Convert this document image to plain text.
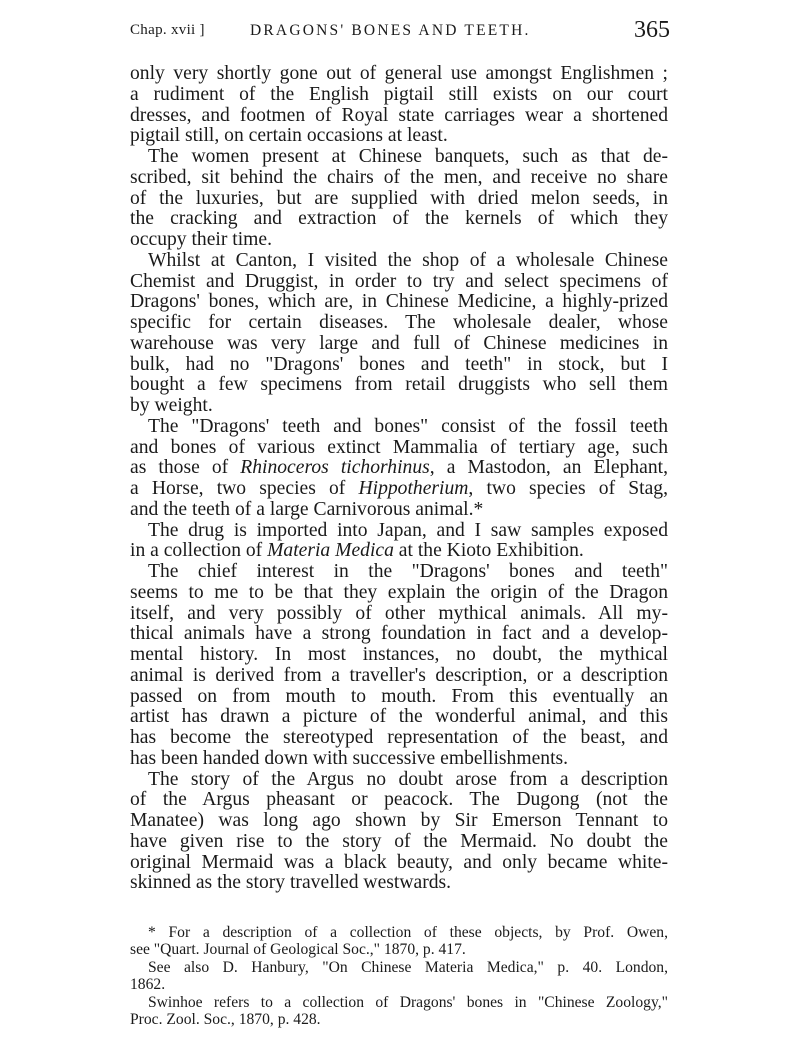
Chap. xvii ]	DRAGONS' BONES AND TEETH.	365
only very shortly gone out of general use amongst Englishmen ;
a rudiment of the English pigtail still exists on our court
dresses, and footmen of Royal state carriages wear a shortened
pigtail still, on certain occasions at least.
The women present at Chinese banquets, such as that de-
scribed, sit behind the chairs of the men, and receive no share
of the luxuries, but are supplied with dried melon seeds, in
the cracking and extraction of the kernels of which they
occupy their time.
Whilst at Canton, I visited the shop of a wholesale Chinese
Chemist and Druggist, in order to try and select specimens of
Dragons' bones, which are, in Chinese Medicine, a highly-prized
specific for certain diseases. The wholesale dealer, whose
warehouse was very large and full of Chinese medicines in
bulk, had no "Dragons' bones and teeth" in stock, but I
bought a few specimens from retail druggists who sell them
by weight.
The "Dragons' teeth and bones" consist of the fossil teeth
and bones of various extinct Mammalia of tertiary age, such
as those of Rhinoceros tichorhinus, a Mastodon, an Elephant,
a Horse, two species of Hippotherium, two species of Stag,
and the teeth of a large Carnivorous animal.*
The drug is imported into Japan, and I saw samples exposed
in a collection of Materia Medica at the Kioto Exhibition.
The chief interest in the "Dragons' bones and teeth"
seems to me to be that they explain the origin of the Dragon
itself, and very possibly of other mythical animals. All my-
thical animals have a strong foundation in fact and a develop-
mental history. In most instances, no doubt, the mythical
animal is derived from a traveller's description, or a description
passed on from mouth to mouth. From this eventually an
artist has drawn a picture of the wonderful animal, and this
has become the stereotyped representation of the beast, and
has been handed down with successive embellishments.
The story of the Argus no doubt arose from a description
of the Argus pheasant or peacock. The Dugong (not the
Manatee) was long ago shown by Sir Emerson Tennant to
have given rise to the story of the Mermaid. No doubt the
original Mermaid was a black beauty, and only became white-
skinned as the story travelled westwards.
* For a description of a collection of these objects, by Prof. Owen,
see "Quart. Journal of Geological Soc.," 1870, p. 417.
See also D. Hanbury, "On Chinese Materia Medica," p. 40. London,
1862.
Swinhoe refers to a collection of Dragons' bones in "Chinese Zoology,"
Proc. Zool. Soc., 1870, p. 428.
